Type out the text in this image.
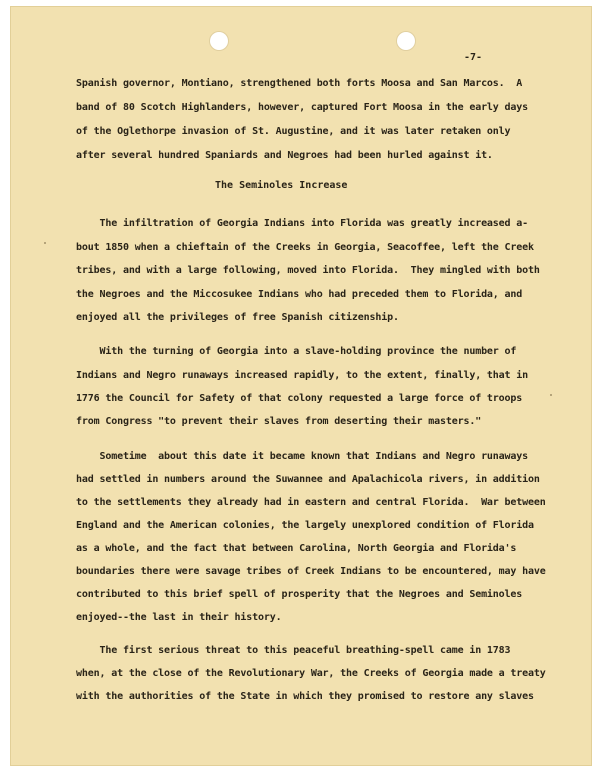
-7-
Spanish governor, Montiano, strengthened both forts Moosa and San Marcos.  A
band of 80 Scotch Highlanders, however, captured Fort Moosa in the early days
of the Oglethorpe invasion of St. Augustine, and it was later retaken only
after several hundred Spaniards and Negroes had been hurled against it.
The Seminoles Increase
The infiltration of Georgia Indians into Florida was greatly increased a-
bout 1850 when a chieftain of the Creeks in Georgia, Seacoffee, left the Creek
tribes, and with a large following, moved into Florida.  They mingled with both
the Negroes and the Miccosukee Indians who had preceded them to Florida, and
enjoyed all the privileges of free Spanish citizenship.
With the turning of Georgia into a slave-holding province the number of
Indians and Negro runaways increased rapidly, to the extent, finally, that in
1776 the Council for Safety of that colony requested a large force of troops
from Congress "to prevent their slaves from deserting their masters."
Sometime  about this date it became known that Indians and Negro runaways
had settled in numbers around the Suwannee and Apalachicola rivers, in addition
to the settlements they already had in eastern and central Florida.  War between
England and the American colonies, the largely unexplored condition of Florida
as a whole, and the fact that between Carolina, North Georgia and Florida's
boundaries there were savage tribes of Creek Indians to be encountered, may have
contributed to this brief spell of prosperity that the Negroes and Seminoles
enjoyed--the last in their history.
The first serious threat to this peaceful breathing-spell came in 1783
when, at the close of the Revolutionary War, the Creeks of Georgia made a treaty
with the authorities of the State in which they promised to restore any slaves
